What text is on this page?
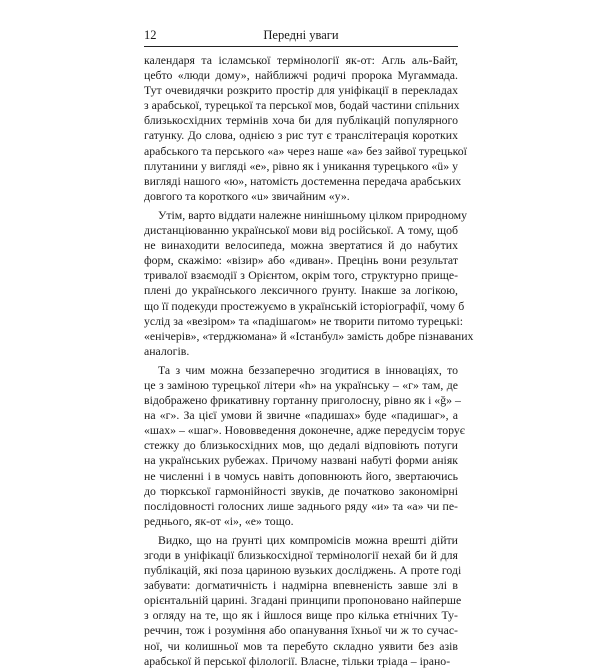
12	Передні уваги
календаря та ісламської термінології як-от: Агль аль-Байт,
цебто «люди дому», найближчі родичі пророка Мугаммада.
Тут очевидячки розкрито простір для уніфікації в перекладах
з арабської, турецької та перської мов, бодай частини спільних
близькосхідних термінів хоча би для публікацій популярного
гатунку. До слова, однією з рис тут є транслітерація коротких
арабського та перського «а» через наше «а» без зайвої турецької
плутанини у вигляді «е», рівно як і уникання турецького «ü» у
вигляді нашого «ю», натомість достеменна передача арабських
довгого та короткого «u» звичайним «у».
Утім, варто віддати належне нинішньому цілком природному
дистанціюванню української мови від російської. А тому, щоб
не винаходити велосипеда, можна звертатися й до набутих
форм, скажімо: «візир» або «диван». Прецінь вони результат
тривалої взаємодії з Орієнтом, окрім того, структурно прище-
плені до українського лексичного ґрунту. Інакше за логікою,
що її подекуди простежуємо в українській історіографії, чому б
услід за «везіром» та «падішагом» не творити питомо турецькі:
«енічерів», «терджюмана» й «Істанбул» замість добре пізнаваних
аналогів.
Та з чим можна беззаперечно згодитися в інноваціях, то
це з заміною турецької літери «h» на українську – «г» там, де
відображено фрикативну гортанну приголосну, рівно як і «ğ» –
на «г». За цієї умови й звичне «падишах» буде «падишаг», а
«шах» – «шаг». Нововведення доконечне, адже передусім торує
стежку до близькосхідних мов, що дедалі відповіють потуги
на українських рубежах. Причому названі набуті форми аніяк
не численні і в чомусь навіть доповнюють його, звертаючись
до тюркської гармонійності звуків, де початково закономірні
послідовності голосних лише заднього ряду «и» та «а» чи пе-
реднього, як-от «і», «е» тощо.
Видко, що на ґрунті цих компромісів можна врешті дійти
згоди в уніфікації близькосхідної термінології нехай би й для
публікацій, які поза цариною вузьких досліджень. А проте годі
забувати: догматичність і надмірна впевненість завше злі в
орієнтальній царині. Згадані принципи пропоновано найперше
з огляду на те, що як і йшлося вище про кілька етнічних Ту-
реччин, тож і розуміння або опанування їхньої чи ж то сучас-
ної, чи колишньої мов та перебуто складно уявити без азів
арабської й перської філології. Власне, тільки тріада – ірано-
